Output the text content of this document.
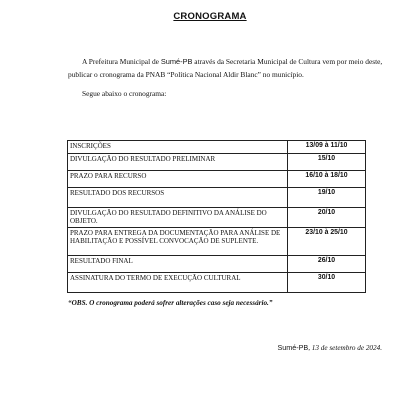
CRONOGRAMA
A Prefeitura Municipal de Sumé-PB através da Secretaria Municipal de Cultura vem por meio deste, publicar o cronograma da PNAB “Política Nacional Aldir Blanc” no município.
Segue abaixo o cronograma:
INSCRIÇÕES	13/09 à 11/10
DIVULGAÇÃO DO RESULTADO PRELIMINAR	15/10
PRAZO PARA RECURSO	16/10 à 18/10
RESULTADO DOS RECURSOS	19/10
DIVULGAÇÃO DO RESULTADO DEFINITIVO DA ANÁLISE DO OBJETO.	20/10
PRAZO PARA ENTREGA DA DOCUMENTAÇÃO PARA ANÁLISE DE HABILITAÇÃO E POSSÍVEL CONVOCAÇÃO DE SUPLENTE.	23/10 à 25/10
RESULTADO FINAL	26/10
ASSINATURA DO TERMO DE EXECUÇÃO CULTURAL	30/10
“OBS. O cronograma poderá sofrer alterações caso seja necessário.”
Sumé-PB, 13 de setembro de 2024.
